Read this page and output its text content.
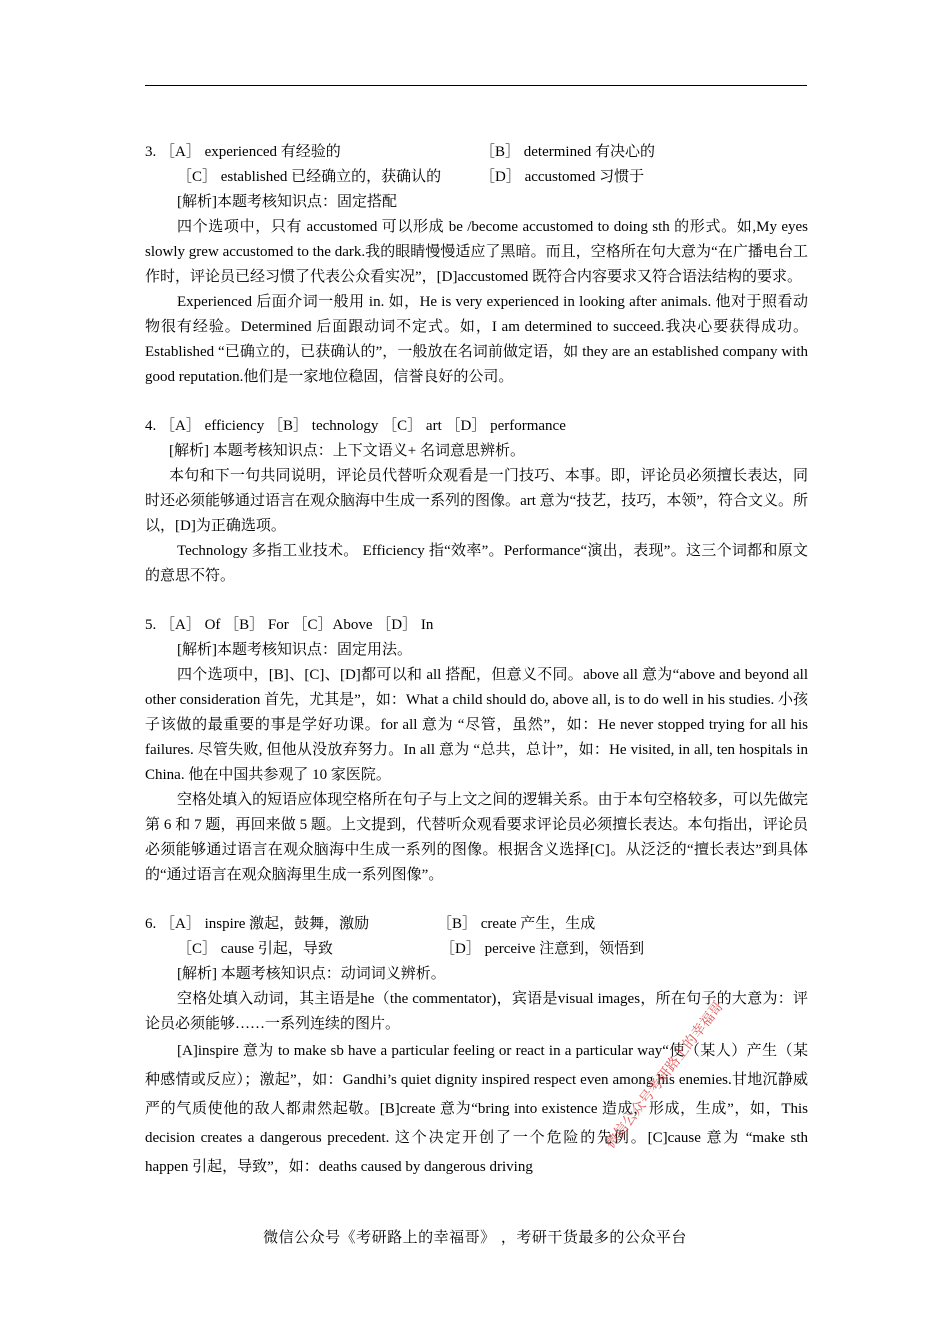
3. ［A］ experienced 有经验的	［B］ determined 有决心的
［C］ established 已经确立的，获确认的	［D］ accustomed 习惯于
[解析]本题考核知识点：固定搭配
四个选项中，只有 accustomed 可以形成 be /become accustomed to doing sth 的形式。如,My eyes slowly grew accustomed to the dark.我的眼睛慢慢适应了黑暗。而且，空格所在句大意为“在广播电台工作时，评论员已经习惯了代表公众看实况”，[D]accustomed 既符合内容要求又符合语法结构的要求。
Experienced 后面介词一般用 in. 如，He is very experienced in looking after animals. 他对于照看动物很有经验。Determined 后面跟动词不定式。如，I am determined to succeed.我决心要获得成功。Established “已确立的，已获确认的”，一般放在名词前做定语，如 they are an established company with good reputation.他们是一家地位稳固，信誉良好的公司。
4. ［A］ efficiency ［B］ technology ［C］ art ［D］ performance
[解析] 本题考核知识点：上下文语义+ 名词意思辨析。
本句和下一句共同说明，评论员代替听众观看是一门技巧、本事。即，评论员必须擅长表达，同时还必须能够通过语言在观众脑海中生成一系列的图像。art 意为“技艺，技巧，本领”，符合文义。所以，[D]为正确选项。
Technology 多指工业技术。 Efficiency 指“效率”。Performance“演出，表现”。这三个词都和原文的意思不符。
5. ［A］ Of ［B］ For ［C］Above ［D］ In
[解析]本题考核知识点：固定用法。
四个选项中，[B]、[C]、[D]都可以和 all 搭配，但意义不同。above all 意为“above and beyond all other consideration 首先，尤其是”，如：What a child should do, above all, is to do well in his studies. 小孩子该做的最重要的事是学好功课。for all 意为 “尽管，虽然”，如：He never stopped trying for all his failures. 尽管失败, 但他从没放弃努力。In all 意为 “总共，总计”，如：He visited, in all, ten hospitals in China. 他在中国共参观了 10 家医院。
空格处填入的短语应体现空格所在句子与上文之间的逻辑关系。由于本句空格较多，可以先做完第 6 和 7 题，再回来做 5 题。上文提到，代替听众观看要求评论员必须擅长表达。本句指出，评论员必须能够通过语言在观众脑海中生成一系列的图像。根据含义选择[C]。从泛泛的“擅长表达”到具体的“通过语言在观众脑海里生成一系列图像”。
6. ［A］ inspire 激起，鼓舞，激励	［B］ create 产生，生成
［C］ cause 引起，导致	［D］ perceive 注意到，领悟到
[解析] 本题考核知识点：动词词义辨析。
空格处填入动词，其主语是he（the commentator)，宾语是visual images，所在句子的大意为：评论员必须能够……一系列连续的图片。
[A]inspire 意为 to make sb have a particular feeling or react in a particular way“使（某人）产生（某种感情或反应）；激起”，如：Gandhi’s quiet dignity inspired respect even among his enemies.甘地沉静威严的气质使他的敌人都肃然起敬。[B]create 意为“bring into existence 造成，形成，生成”，如，This decision creates a dangerous precedent. 这个决定开创了一个危险的先例。[C]cause 意为 “make sth happen 引起，导致”，如：deaths caused by dangerous driving
微信公众号考研路上的幸福哥
微信公众号《考研路上的幸福哥》 ，考研干货最多的公众平台
